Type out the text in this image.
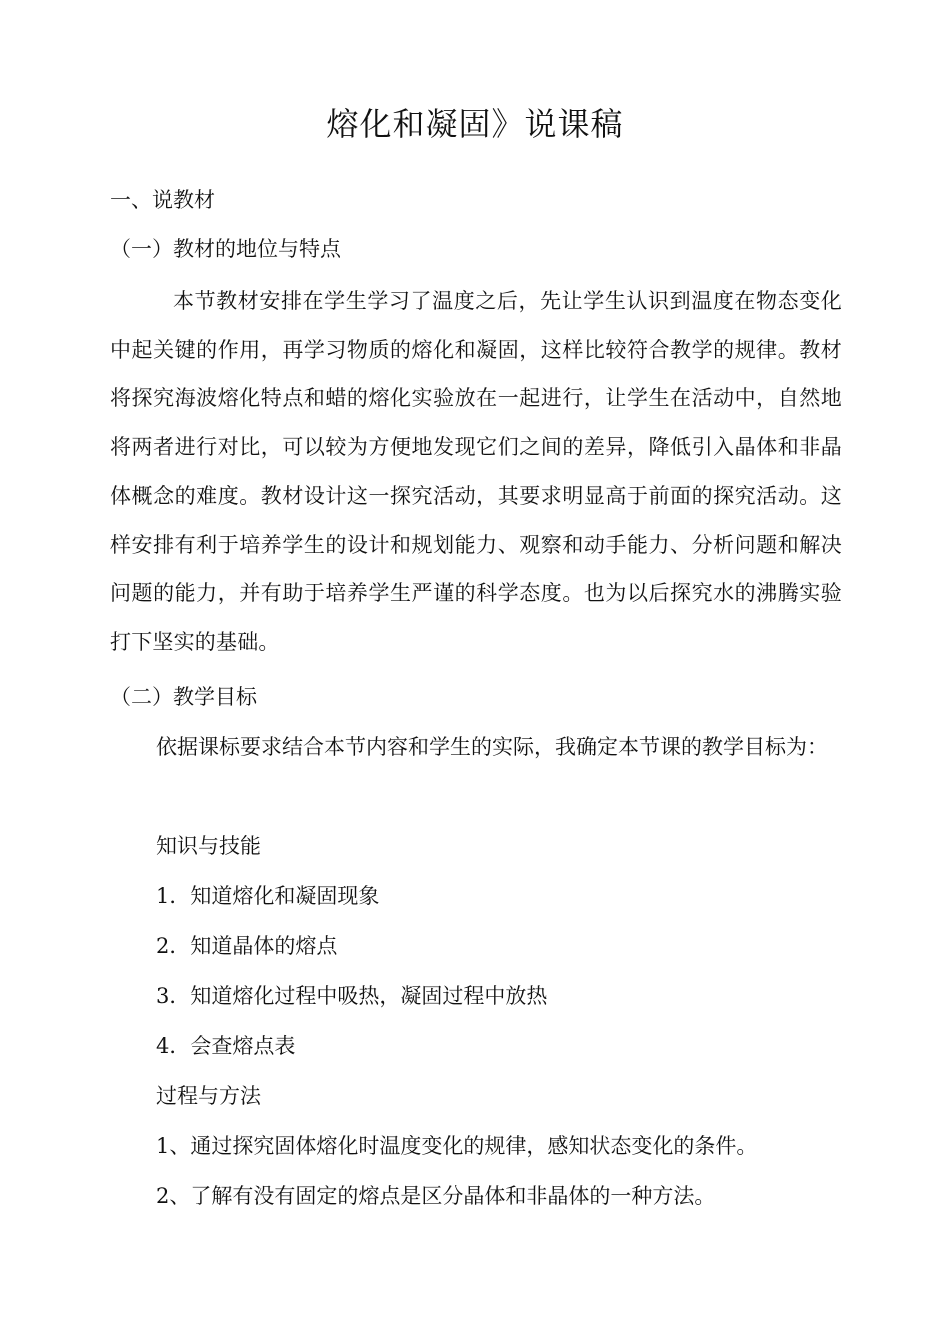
熔化和凝固》说课稿
一、说教材
（一）教材的地位与特点
本节教材安排在学生学习了温度之后，先让学生认识到温度在物态变化中起关键的作用，再学习物质的熔化和凝固，这样比较符合教学的规律。教材将探究海波熔化特点和蜡的熔化实验放在一起进行，让学生在活动中，自然地将两者进行对比，可以较为方便地发现它们之间的差异，降低引入晶体和非晶体概念的难度。教材设计这一探究活动，其要求明显高于前面的探究活动。这样安排有利于培养学生的设计和规划能力、观察和动手能力、分析问题和解决问题的能力，并有助于培养学生严谨的科学态度。也为以后探究水的沸腾实验打下坚实的基础。
（二）教学目标
依据课标要求结合本节内容和学生的实际，我确定本节课的教学目标为：
知识与技能
1．知道熔化和凝固现象
2．知道晶体的熔点
3．知道熔化过程中吸热，凝固过程中放热
4．会查熔点表
过程与方法
1、通过探究固体熔化时温度变化的规律，感知状态变化的条件。
2、了解有没有固定的熔点是区分晶体和非晶体的一种方法。
